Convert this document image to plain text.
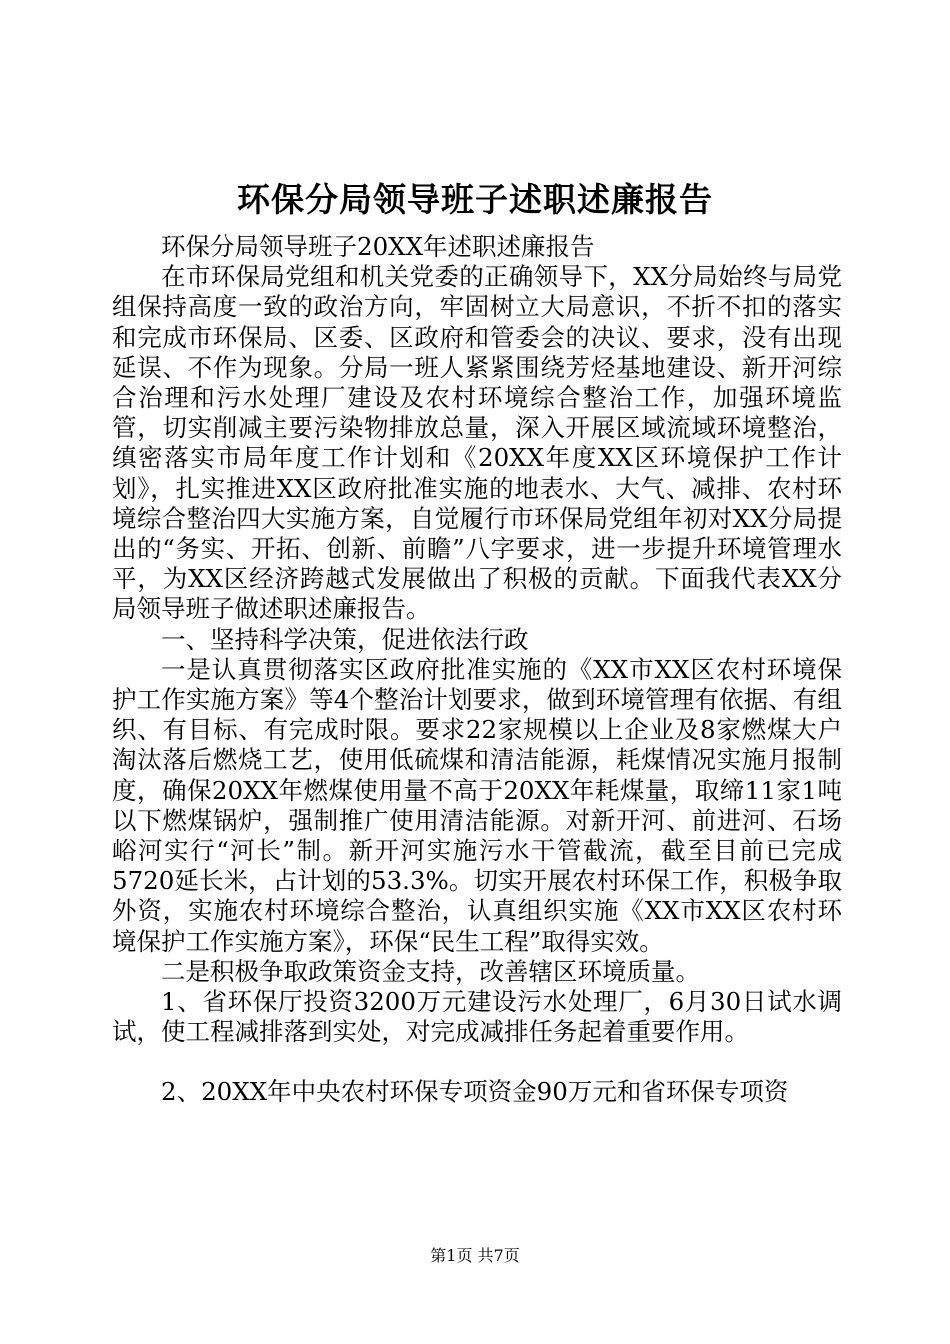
环保分局领导班子述职述廉报告

环保分局领导班子20XX年述职述廉报告

在市环保局党组和机关党委的正确领导下，XX分局始终与局党组保持高度一致的政治方向，牢固树立大局意识，不折不扣的落实和完成市环保局、区委、区政府和管委会的决议、要求，没有出现延误、不作为现象。分局一班人紧紧围绕芳烃基地建设、新开河综合治理和污水处理厂建设及农村环境综合整治工作，加强环境监管，切实削减主要污染物排放总量，深入开展区域流域环境整治，缜密落实市局年度工作计划和《20XX年度XX区环境保护工作计划》，扎实推进XX区政府批准实施的地表水、大气、减排、农村环境综合整治四大实施方案，自觉履行市环保局党组年初对XX分局提出的“务实、开拓、创新、前瞻”八字要求，进一步提升环境管理水平，为XX区经济跨越式发展做出了积极的贡献。下面我代表XX分局领导班子做述职述廉报告。

一、坚持科学决策，促进依法行政

一是认真贯彻落实区政府批准实施的《XX市XX区农村环境保护工作实施方案》等4个整治计划要求，做到环境管理有依据、有组织、有目标、有完成时限。要求22家规模以上企业及8家燃煤大户淘汰落后燃烧工艺，使用低硫煤和清洁能源，耗煤情况实施月报制度，确保20XX年燃煤使用量不高于20XX年耗煤量，取缔11家1吨以下燃煤锅炉，强制推广使用清洁能源。对新开河、前进河、石场峪河实行“河长”制。新开河实施污水干管截流，截至目前已完成5720延长米，占计划的53.3%。切实开展农村环保工作，积极争取外资，实施农村环境综合整治，认真组织实施《XX市XX区农村环境保护工作实施方案》，环保“民生工程”取得实效。

二是积极争取政策资金支持，改善辖区环境质量。

1、省环保厅投资3200万元建设污水处理厂，6月30日试水调试，使工程减排落到实处，对完成减排任务起着重要作用。

2、20XX年中央农村环保专项资金90万元和省环保专项资

第1页 共7页
